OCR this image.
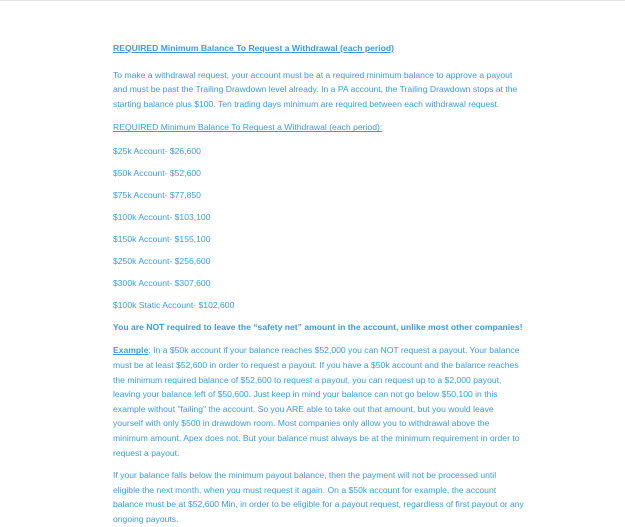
REQUIRED Minimum Balance To Request a Withdrawal (each period)

To make a withdrawal request, your account must be at a required minimum balance to approve a payout and must be past the Trailing Drawdown level already. In a PA account, the Trailing Drawdown stops at the starting balance plus $100. Ten trading days minimum are required between each withdrawal request.

REQUIRED Minimum Balance To Request a Withdrawal (each period):

$25k Account- $26,600

$50k Account- $52,600

$75k Account- $77,850

$100k Account- $103,100

$150k Account- $155,100

$250k Account- $256,600

$300k Account- $307,600

$100k Static Account- $102,600

You are NOT required to leave the “safety net” amount in the account, unlike most other companies!

Example: In a $50k account if your balance reaches $52,000 you can NOT request a payout. Your balance must be at least $52,600 in order to request a payout. If you have a $50k account and the balance reaches the minimum required balance of $52,600 to request a payout, you can request up to a $2,000 payout, leaving your balance left of $50,600. Just keep in mind your balance can not go below $50,100 in this example without "failing" the account. So you ARE able to take out that amount, but you would leave yourself with only $500 in drawdown room. Most companies only allow you to withdrawal above the minimum amount, Apex does not. But your balance must always be at the minimum requirement in order to request a payout.

If your balance falls below the minimum payout balance, then the payment will not be processed until eligible the next month, when you must request it again. On a $50k account for example, the account balance must be at $52,600 Min, in order to be eligible for a payout request, regardless of first payout or any ongoing payouts.
